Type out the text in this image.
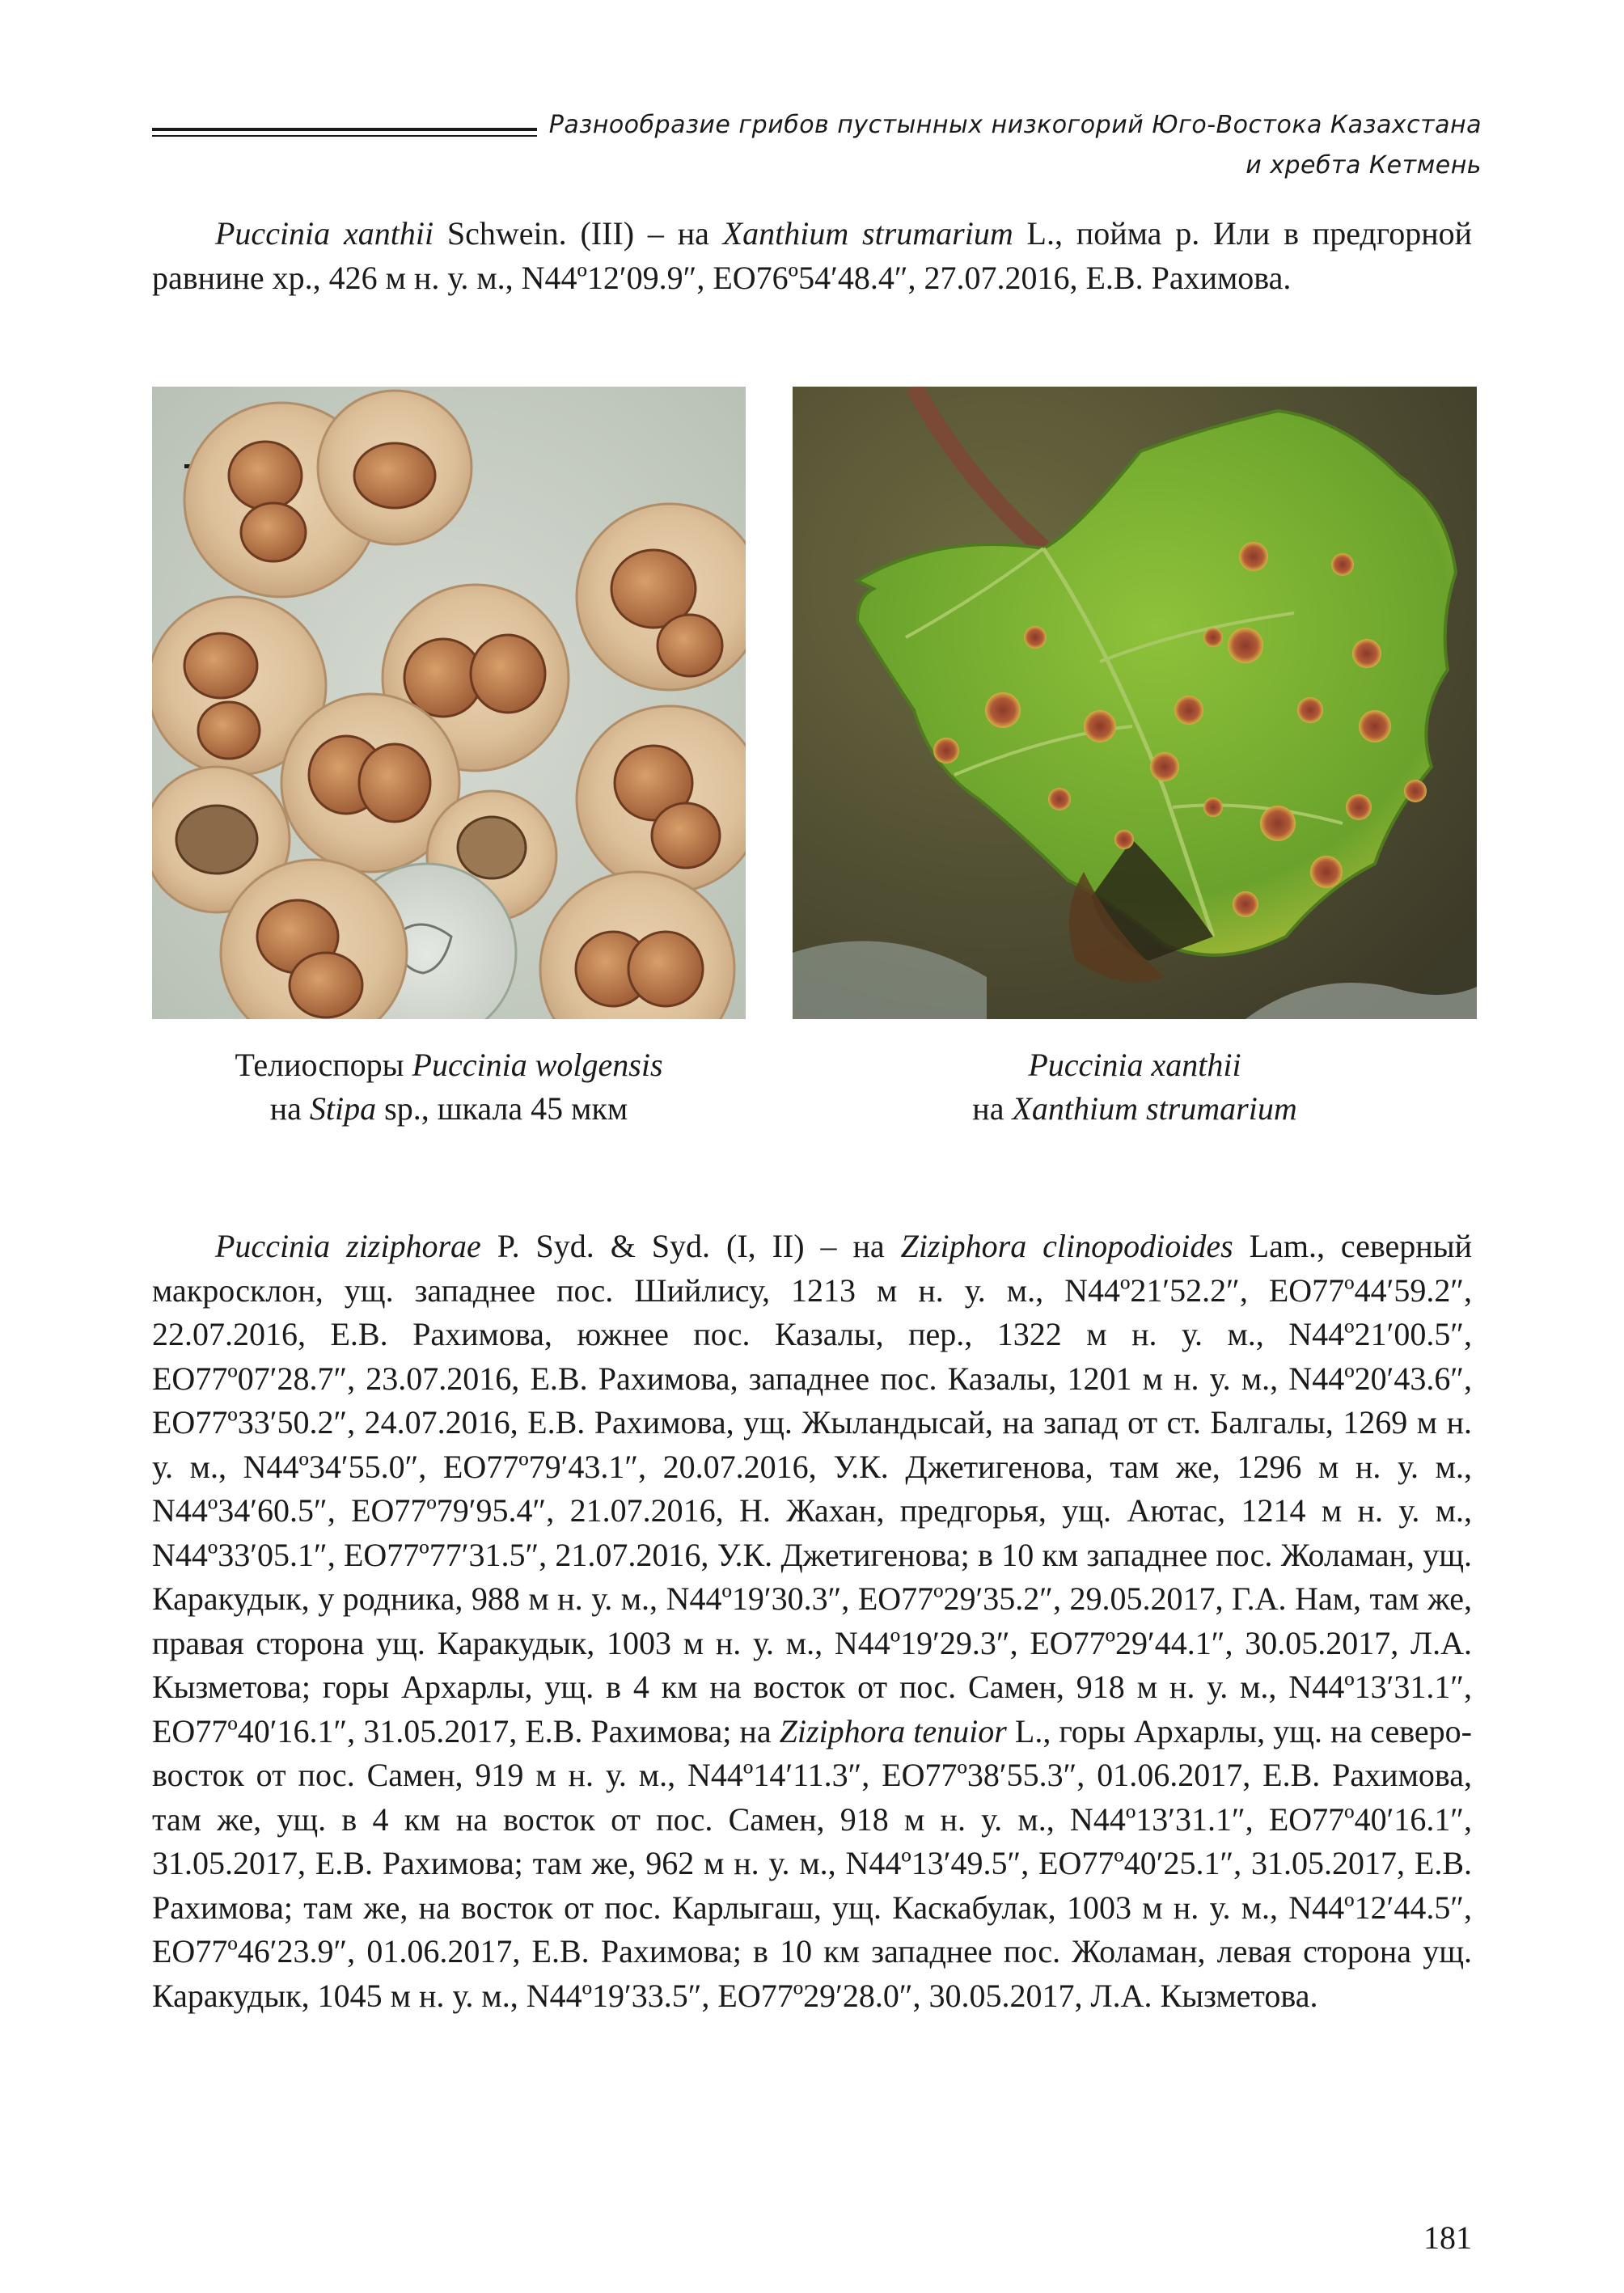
Разнообразие грибов пустынных низкогорий Юго-Востока Казахстана
и хребта Кетмень

Puccinia xanthii Schwein. (III) – на Xanthium strumarium L., пойма р. Или в предгорной равнине хр., 426 м н. у. м., N44º12′09.9″, EO76º54′48.4″, 27.07.2016, Е.В. Рахимова.

Телиоспоры Puccinia wolgensis
на Stipa sp., шкала 45 мкм

Puccinia xanthii
на Xanthium strumarium

Puccinia ziziphorae P. Syd. & Syd. (I, II) – на Ziziphora clinopodioides Lam., северный макросклон, ущ. западнее пос. Шийлису, 1213 м н. у. м., N44º21′52.2″, EO77º44′59.2″, 22.07.2016, Е.В. Рахимова, южнее пос. Казалы, пер., 1322 м н. у. м., N44º21′00.5″, EO77º07′28.7″, 23.07.2016, Е.В. Рахимова, западнее пос. Казалы, 1201 м н. у. м., N44º20′43.6″, EO77º33′50.2″, 24.07.2016, Е.В. Рахимова, ущ. Жыландысай, на запад от ст. Балгалы, 1269 м н. у. м., N44º34′55.0″, EO77º79′43.1″, 20.07.2016, У.К. Джетигенова, там же, 1296 м н. у. м., N44º34′60.5″, EO77º79′95.4″, 21.07.2016, Н. Жахан, предгорья, ущ. Аютас, 1214 м н. у. м., N44º33′05.1″, EO77º77′31.5″, 21.07.2016, У.К. Джетигенова; в 10 км западнее пос. Жоламан, ущ. Каракудык, у родника, 988 м н. у. м., N44º19′30.3″, EO77º29′35.2″, 29.05.2017, Г.А. Нам, там же, правая сторона ущ. Каракудык, 1003 м н. у. м., N44º19′29.3″, EO77º29′44.1″, 30.05.2017, Л.А. Кызметова; горы Архарлы, ущ. в 4 км на восток от пос. Самен, 918 м н. у. м., N44º13′31.1″, EO77º40′16.1″, 31.05.2017, Е.В. Рахимова; на Ziziphora tenuior L., горы Архарлы, ущ. на северо-восток от пос. Самен, 919 м н. у. м., N44º14′11.3″, EO77º38′55.3″, 01.06.2017, Е.В. Рахимова, там же, ущ. в 4 км на восток от пос. Самен, 918 м н. у. м., N44º13′31.1″, EO77º40′16.1″, 31.05.2017, Е.В. Рахимова; там же, 962 м н. у. м., N44º13′49.5″, EO77º40′25.1″, 31.05.2017, Е.В. Рахимова; там же, на восток от пос. Карлыгаш, ущ. Каскабулак, 1003 м н. у. м., N44º12′44.5″, EO77º46′23.9″, 01.06.2017, Е.В. Рахимова; в 10 км западнее пос. Жоламан, левая сторона ущ. Каракудык, 1045 м н. у. м., N44º19′33.5″, EO77º29′28.0″, 30.05.2017, Л.А. Кызметова.

181
